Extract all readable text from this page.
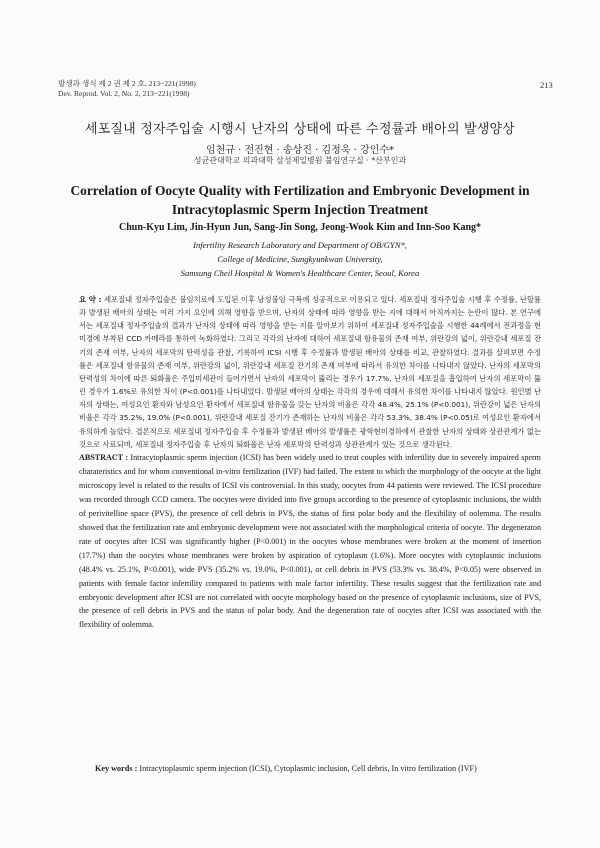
발생과 생식 제 2 권 제 2 호, 213~221(1998)
Dev. Reprod. Vol. 2, No. 2, 213~221(1998)
213
세포질내 정자주입술 시행시 난자의 상태에 따른 수정률과 배아의 발생양상
임천규 · 전진현 · 송상진 · 김정욱 · 강인수*
성균관대학교 의과대학 삼성제일병원 불임연구실 · *산부인과
Correlation of Oocyte Quality with Fertilization and Embryonic Development in Intracytoplasmic Sperm Injection Treatment
Chun-Kyu Lim, Jin-Hyun Jun, Sang-Jin Song, Jeong-Wook Kim and Inn-Soo Kang*
Infertility Research Laboratory and Department of OB/GYN*,
College of Medicine, Sungkyunkwan University,
Samsung Cheil Hospital & Women's Healthcare Center, Seoul, Korea
요 약 : 세포질내 정자주입술은 불임치료에 도입된 이후 남성불임 극복에 성공적으로 이용되고 있다. 세포질내 정자주입술 시행 후 수정률, 난할률과 발생된 배아의 상태는 여러 가지 요인에 의해 영향을 받으며, 난자의 상태에 따라 영향을 받는 지에 대해서 아직까지는 논란이 많다. 본 연구에서는 세포질내 정자주입술의 결과가 난자의 상태에 따라 영향을 받는 지를 알아보기 위하여 세포질내 정자주입술을 시행한 44례에서 전과정을 현미경에 부착된 CCD 카메라를 통하여 녹화하였다. 그리고 각각의 난자에 대하여 세포질내 함유물의 존재 여부, 위란강의 넓이, 위란강내 세포질 잔기의 존재 여부, 난자의 세포막의 탄력성을 관찰, 기록하여 ICSI 시행 후 수정률과 발생된 배아의 상태를 비교, 관찰하였다. 결과를 살펴보면 수정률은 세포질내 함유물의 존재 여부, 위란강의 넓이, 위란강내 세포질 잔기의 존재 여부에 따라서 유의한 차이를 나타내지 않았다. 난자의 세포막의 탄력성의 차이에 따른 퇴화율은 주입미세관이 들어가면서 난자의 세포막이 뚫리는 경우가 17.7%, 난자의 세포질을 흡입하여 난자의 세포막이 뚫린 경우가 1.6%로 유의한 차이 (P<0.001)를 나타내었다. 발생된 배아의 상태는 각각의 경우에 대해서 유의한 차이를 나타내지 않았다. 원인별 난자의 상태는, 여성요인 환자와 남성요인 환자에서 세포질내 함유물을 갖는 난자의 비율은 각각 48.4%, 25.1% (P<0.001), 위란강이 넓은 난자의 비율은 각각 35.2%, 19.0% (P<0.001), 위란강내 세포질 잔기가 존재하는 난자의 비율은 각각 53.3%, 38.4% (P<0.05)로 여성요인 환자에서 유의하게 높았다. 결론적으로 세포질내 정자주입술 후 수정률과 발생된 배아의 발생률은 광학현미경하에서 관찰한 난자의 상태와 상관관계가 없는 것으로 사료되며, 세포질내 정자주입술 후 난자의 퇴화율은 난자 세포막의 탄력성과 상관관계가 있는 것으로 생각된다.
ABSTRACT : Intracytoplasmic sperm injection (ICSI) has been widely used to treat couples with infertility due to severely impaired sperm charateristics and for whom conventional in-vitro fertilization (IVF) had failed. The extent to which the morphology of the oocyte at the light microscopy level is related to the results of ICSI vis controversial. In this study, oocytes from 44 patients were reviewed. The ICSI procedure was recorded through CCD camera. The oocytes were divided into five groups according to the presence of cytoplasmic inclusions, the width of perivitelline space (PVS), the presence of cell debris in PVS, the status of first polar body and the flexibility of oolemma. The results showed that the fertilization rate and embryonic development were not associated with the morphological criteria of oocyte. The degeneraton rate of oocytes after ICSI was significantly higher (P<0.001) in the oocytes whose membranes were broken at the moment of insertion (17.7%) than the oocytes whose membranes were broken by aspiration of cytoplasm (1.6%). More oocytes with cytoplasmic inclusions (48.4% vs. 25.1%, P<0.001), wide PVS (35.2% vs. 19.0%, P<0.001), or cell debris in PVS (53.3% vs. 38.4%, P<0.05) were observed in patients with female factor infertility compared to patients with male factor infertility. These results suggest that the fertilization rate and embryonic development after ICSI are not correlated with oocyte morphology based on the presence of cytoplasmic inclusions, size of PVS, the presence of cell debris in PVS and the status of polar body. And the degeneration rate of oocytes after ICSI was associated with the flexibility of oolemma.
Key words : Intracytoplasmic sperm injection (ICSI), Cytoplasmic inclusion, Cell debris, In vitro fertilization (IVF)
